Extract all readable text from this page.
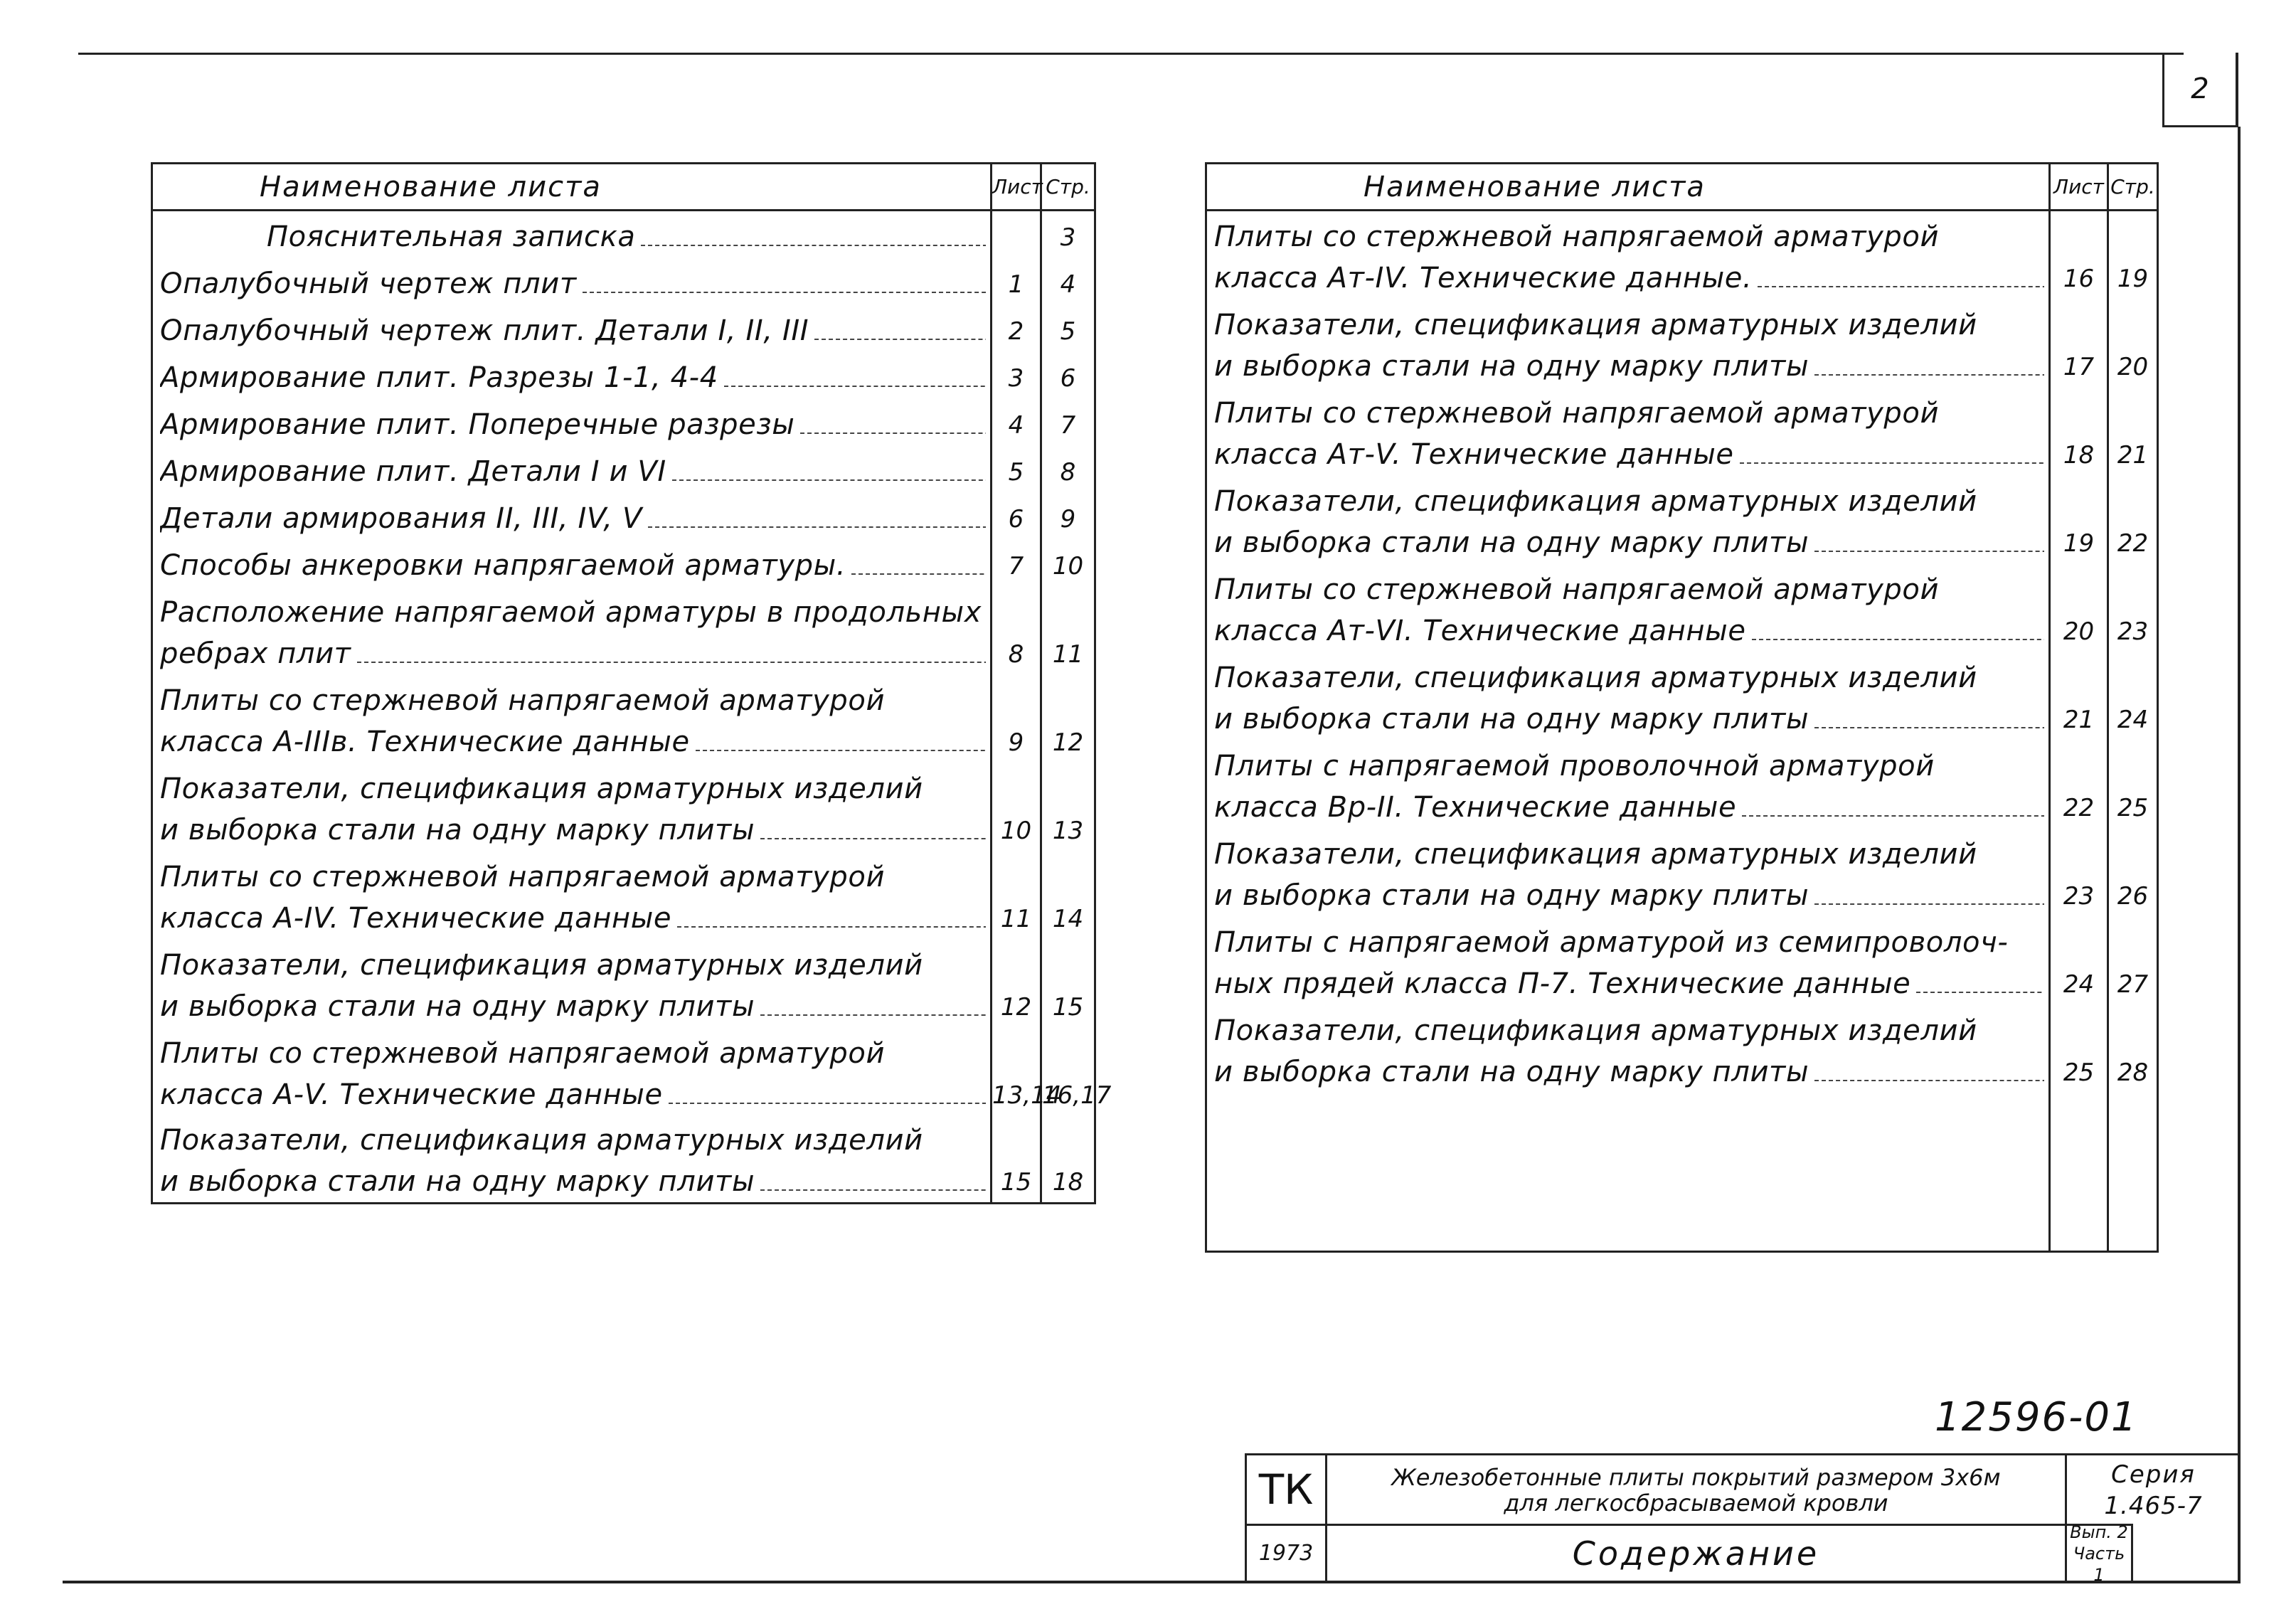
2
Наименование листа	Лист	Стр.

Пояснительная записка		3

Опалубочный чертеж плит	1	4

Опалубочный чертеж плит. Детали I, II, III	2	5

Армирование плит. Разрезы 1-1, 4-4	3	6

Армирование плит. Поперечные разрезы	4	7

Армирование плит. Детали I и VI	5	8

Детали армирования II, III, IV, V	6	9

Способы анкеровки напрягаемой арматуры.	7	10

Расположение напрягаемой арматуры в продольных
ребрах плит	8	11

Плиты со стержневой напрягаемой арматурой
класса А-IIIв. Технические данные	9	12

Показатели, спецификация арматурных изделий
и выборка стали на одну марку плиты	10	13

Плиты со стержневой напрягаемой арматурой
класса А-IV. Технические данные	11	14

Показатели, спецификация арматурных изделий
и выборка стали на одну марку плиты	12	15

Плиты со стержневой напрягаемой арматурой
класса А-V. Технические данные	13,14	16,17

Показатели, спецификация арматурных изделий
и выборка стали на одну марку плиты	15	18
Наименование листа	Лист	Стр.

Плиты со стержневой напрягаемой арматурой
класса Ат-IV. Технические данные.	16	19

Показатели, спецификация арматурных изделий
и выборка стали на одну марку плиты	17	20

Плиты со стержневой напрягаемой арматурой
класса Ат-V. Технические данные	18	21

Показатели, спецификация арматурных изделий
и выборка стали на одну марку плиты	19	22

Плиты со стержневой напрягаемой арматурой
класса Ат-VI. Технические данные	20	23

Показатели, спецификация арматурных изделий
и выборка стали на одну марку плиты	21	24

Плиты с напрягаемой проволочной арматурой
класса Вр-II. Технические данные	22	25

Показатели, спецификация арматурных изделий
и выборка стали на одну марку плиты	23	26

Плиты с напрягаемой арматурой из семипроволоч-
ных прядей класса П-7. Технические данные	24	27

Показатели, спецификация арматурных изделий
и выборка стали на одну марку плиты	25	28

12596-01
ТК	Железобетонные плиты покрытий размером 3х6м
для легкосбрасываемой кровли
Серия
1.465-7
1973	Содержание
Вып. 2
Часть 1
